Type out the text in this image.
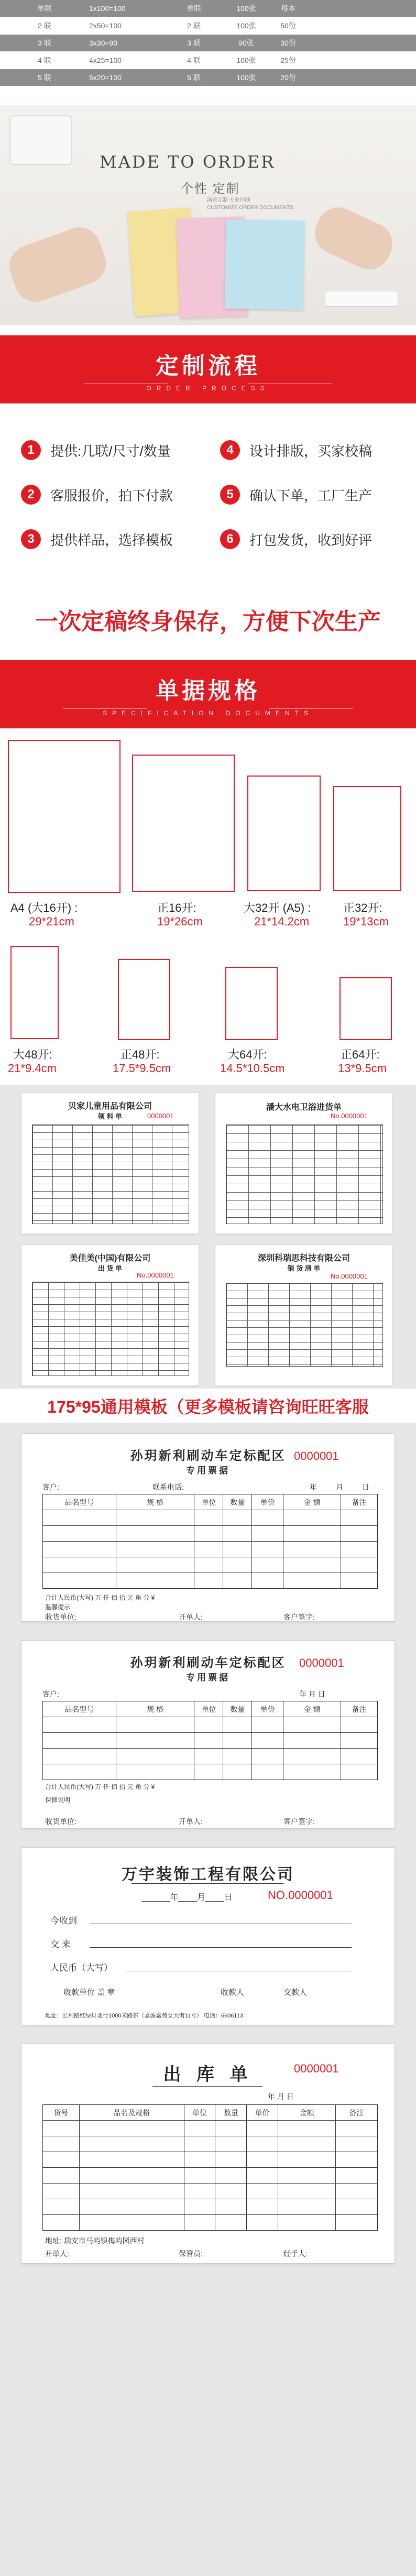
单联	1x100=100	单联	100张	每本
2 联	2x50=100	2 联	100张	50份
3 联	3x30=90	3 联	90张	30份
4 联	4x25=100	4 联	100张	25份
5 联	5x20=100	5 联	100张	20份
MADE TO ORDER
个性 定制
满意定制 专业印刷
CUSTOMIZE ORDER DOCUMENTS
定制流程
ORDER PROCESS
1	提供:几联/尺寸/数量
2	客服报价，拍下付款
3	提供样品，选择模板
4	设计排版，买家校稿
5	确认下单，工厂生产
6	打包发货，收到好评
一次定稿终身保存，方便下次生产
单据规格
SPECIFICATION DOCUMENTS
A4 (大16开) :
29*21cm
正16开:
19*26cm
大32开 (A5) :
21*14.2cm
正32开:
19*13cm
大48开:
21*9.4cm
正48开:
17.5*9.5cm
大64开:
14.5*10.5cm
正64开:
13*9.5cm
贝家儿童用品有限公司
领 料 单	0000001
潘大水电卫浴进货单
No.0000001
美佳美(中国)有限公司
出 货 单
No.0000001
深圳科瑞思科技有限公司
销 货 清 单
No.0000001
175*95通用模板（更多模板请咨询旺旺客服
孙玥新利刷动车定标配区
专用票据
0000001
客户:	联系电话:	年	月	日
品名型号	规 格	单位	数量	单价	金 额	备注

合计人民币(大写) 万 仟 佰 拾 元 角 分 ¥
温馨提示
收货单位:	开单人:	客户签字:
孙玥新利刷动车定标配区
专用票据
0000001
客户:	年 月 日
品名型号	规 格	单位	数量	单价	金 额	备注

合计人民币(大写) 万 仟 佰 拾 元 角 分 ¥
保修说明
收货单位:	开单人:	客户签字:
万宇装饰工程有限公司
______年____月____日	NO.0000001
今收到
交 来
人民币（大写）
收款单位 盖 章	收款人	交款人
地址：长利路红绿灯北行1000米路东（嘉源嘉苑女大街11号） 电话：6606113
出 库 单	0000001
年 月 日
货号	品名及规格	单位	数量	单价	金额	备注

地址: 瑞安市马屿镇梅屿园西村
开单人:	保管员:	经手人:
